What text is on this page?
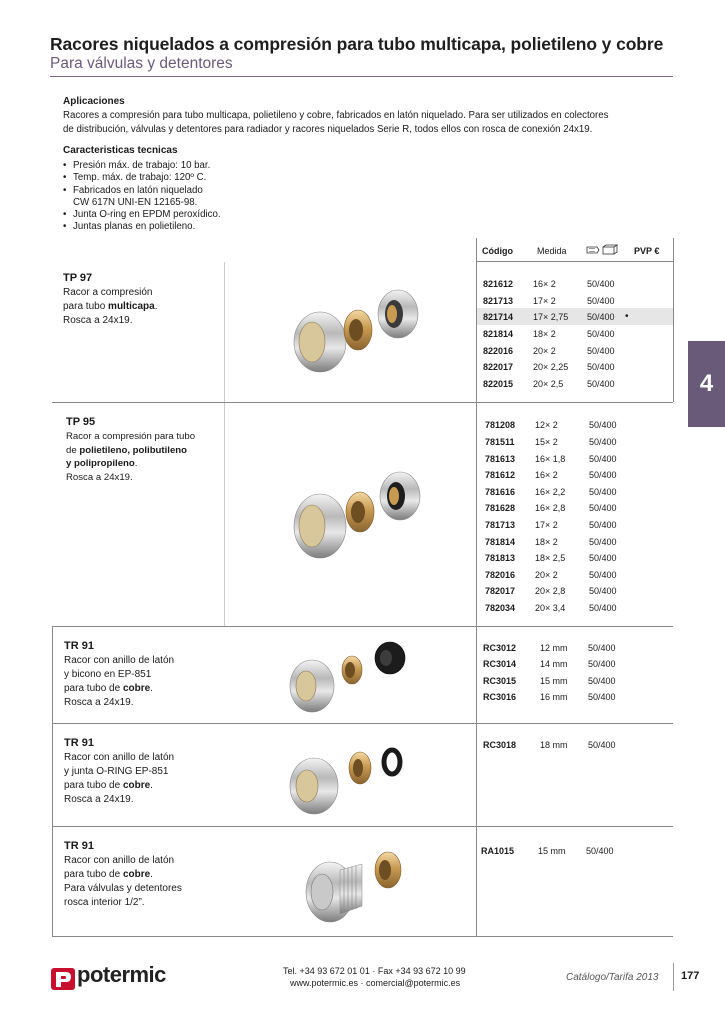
Racores niquelados a compresión para tubo multicapa, polietileno y cobre
Para válvulas y detentores
Aplicaciones
Racores a compresión para tubo multicapa, polietileno y cobre, fabricados en latón niquelado. Para ser utilizados en colectores
de distribución, válvulas y detentores para radiador y racores niquelados Serie R, todos ellos con rosca de conexión 24x19.
Caracteristicas tecnicas
• Presión máx. de trabajo: 10 bar.
• Temp. máx. de trabajo: 120º C.
• Fabricados en latón niquelado
CW 617N UNI-EN 12165-98.
• Junta O-ring en EPDM peroxídico.
• Juntas planas en polietileno.
Código	Medida	PVP €
TP 97
Racor a compresión
para tubo multicapa.
Rosca a 24x19.
821612 16× 2	50/400
821713 17× 2	50/400
821714 17× 2,75 50/400 •
821814 18× 2	50/400
822016 20× 2	50/400
822017 20× 2,25 50/400
822015 20× 2,5	50/400
TP 95
Racor a compresión para tubo
de polietileno, polibutileno
y polipropileno.
Rosca a 24x19.
781208 12× 2	50/400
781511 15× 2	50/400
781613 16× 1,8	50/400
781612 16× 2	50/400
781616 16× 2,2	50/400
781628 16× 2,8	50/400
781713 17× 2	50/400
781814 18× 2	50/400
781813 18× 2,5	50/400
782016 20× 2	50/400
782017 20× 2,8	50/400
782034 20× 3,4	50/400
TR 91
Racor con anillo de latón
y bicono en EP-851
para tubo de cobre.
Rosca a 24x19.
RC3012	12 mm 50/400
RC3014	14 mm 50/400
RC3015	15 mm 50/400
RC3016	16 mm 50/400
TR 91
Racor con anillo de latón
y junta O-RING EP-851
para tubo de cobre.
Rosca a 24x19.
RC3018	18 mm 50/400
TR 91
Racor con anillo de latón
para tubo de cobre.
Para válvulas y detentores
rosca interior 1/2”.
RA1015	15 mm 50/400
4
potermic	Tel. +34 93 672 01 01 · Fax +34 93 672 10 99
www.potermic.es · comercial@potermic.es	Catálogo/Tarifa 2013 177
